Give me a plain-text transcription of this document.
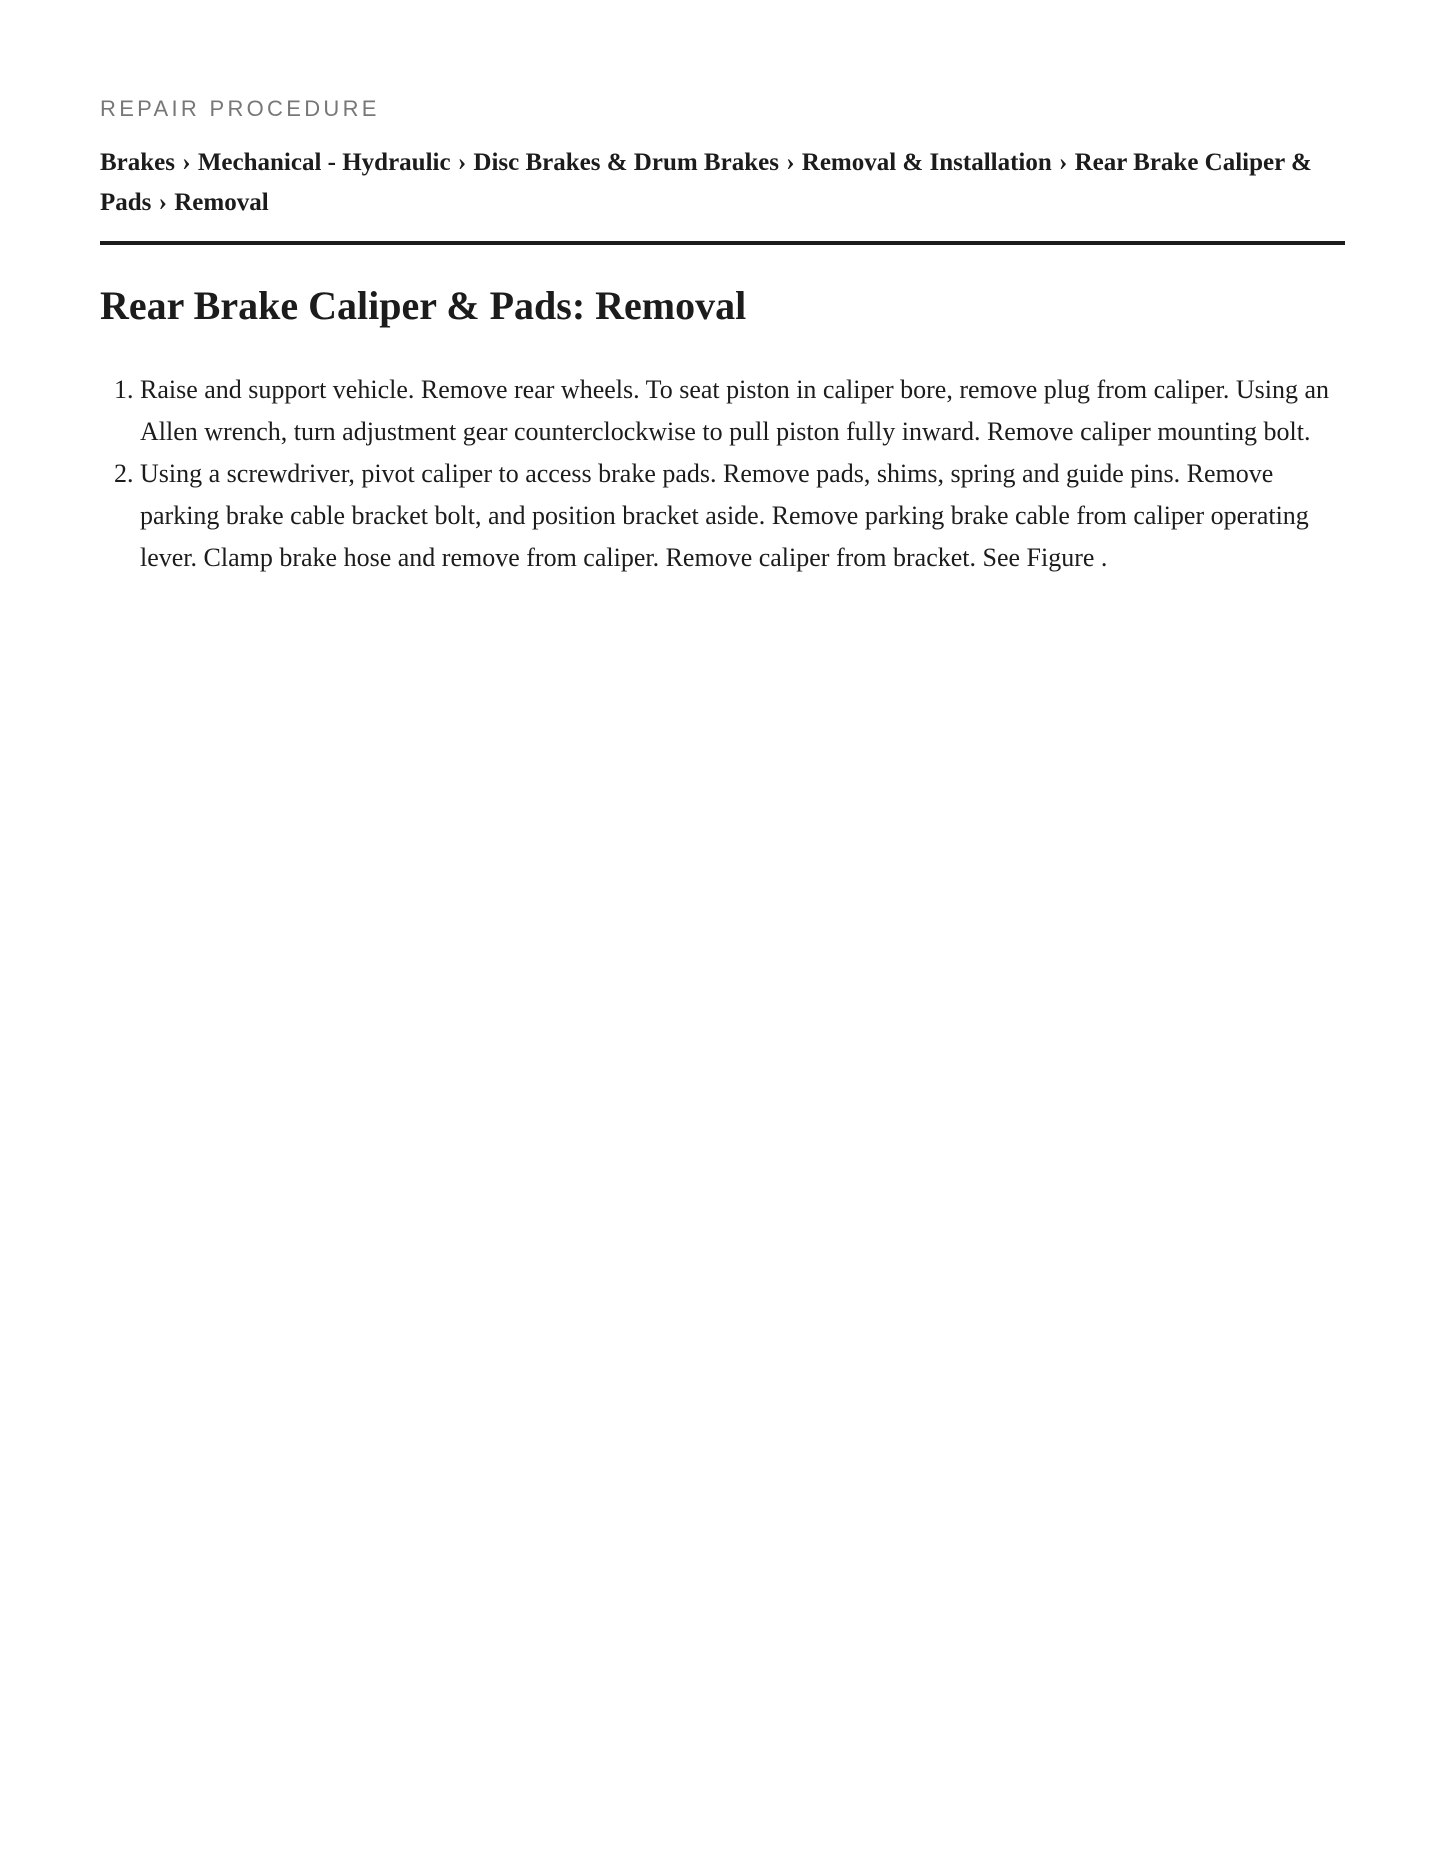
REPAIR PROCEDURE
Brakes › Mechanical - Hydraulic › Disc Brakes & Drum Brakes › Removal & Installation › Rear Brake Caliper & Pads › Removal
Rear Brake Caliper & Pads: Removal
1. Raise and support vehicle. Remove rear wheels. To seat piston in caliper bore, remove plug from caliper. Using an Allen wrench, turn adjustment gear counterclockwise to pull piston fully inward. Remove caliper mounting bolt.
2. Using a screwdriver, pivot caliper to access brake pads. Remove pads, shims, spring and guide pins. Remove parking brake cable bracket bolt, and position bracket aside. Remove parking brake cable from caliper operating lever. Clamp brake hose and remove from caliper. Remove caliper from bracket. See Figure .
